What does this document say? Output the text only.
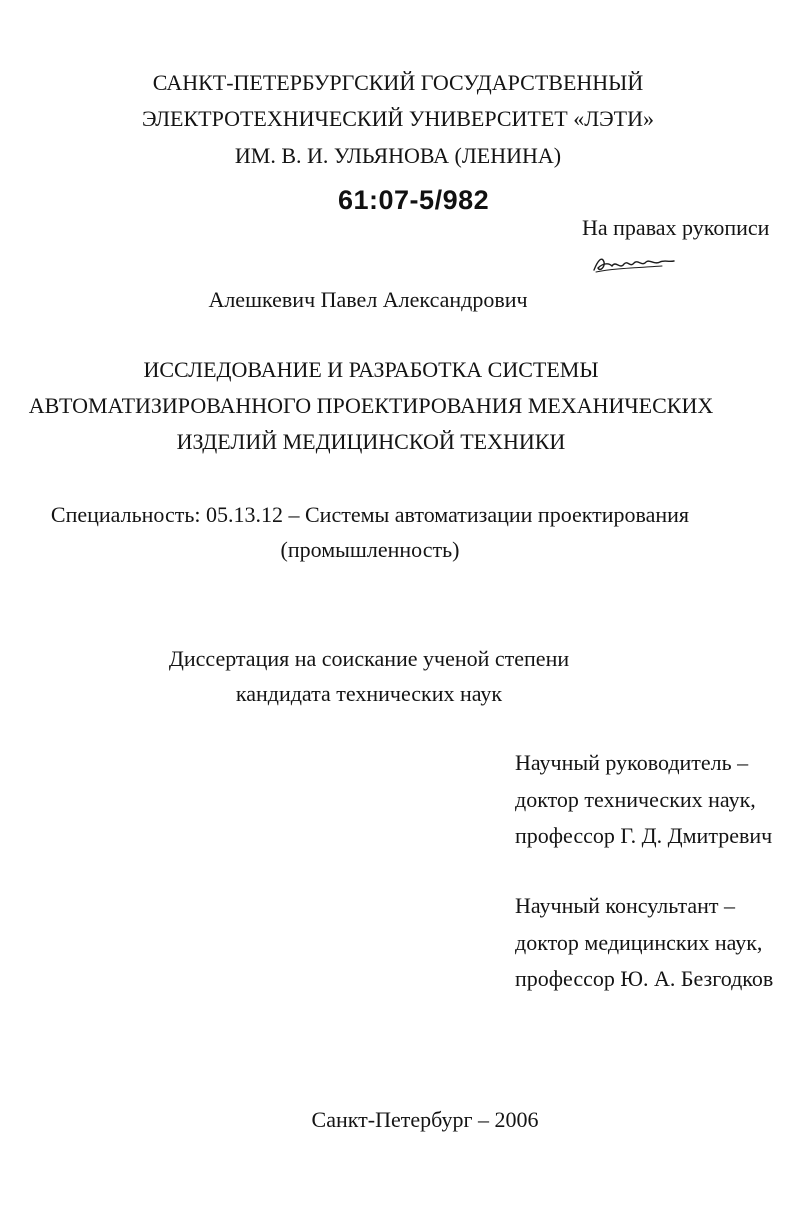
САНКТ-ПЕТЕРБУРГСКИЙ ГОСУДАРСТВЕННЫЙ
ЭЛЕКТРОТЕХНИЧЕСКИЙ УНИВЕРСИТЕТ «ЛЭТИ»
ИМ. В. И. УЛЬЯНОВА (ЛЕНИНА)
61:07-5/982
На правах рукописи
Алешкевич Павел Александрович
ИССЛЕДОВАНИЕ И РАЗРАБОТКА СИСТЕМЫ
АВТОМАТИЗИРОВАННОГО ПРОЕКТИРОВАНИЯ МЕХАНИЧЕСКИХ
ИЗДЕЛИЙ МЕДИЦИНСКОЙ ТЕХНИКИ
Специальность: 05.13.12 – Системы автоматизации проектирования
(промышленность)
Диссертация на соискание ученой степени
кандидата технических наук
Научный руководитель –
доктор технических наук,
профессор Г. Д. Дмитревич
Научный консультант –
доктор медицинских наук,
профессор Ю. А. Безгодков
Санкт-Петербург – 2006
